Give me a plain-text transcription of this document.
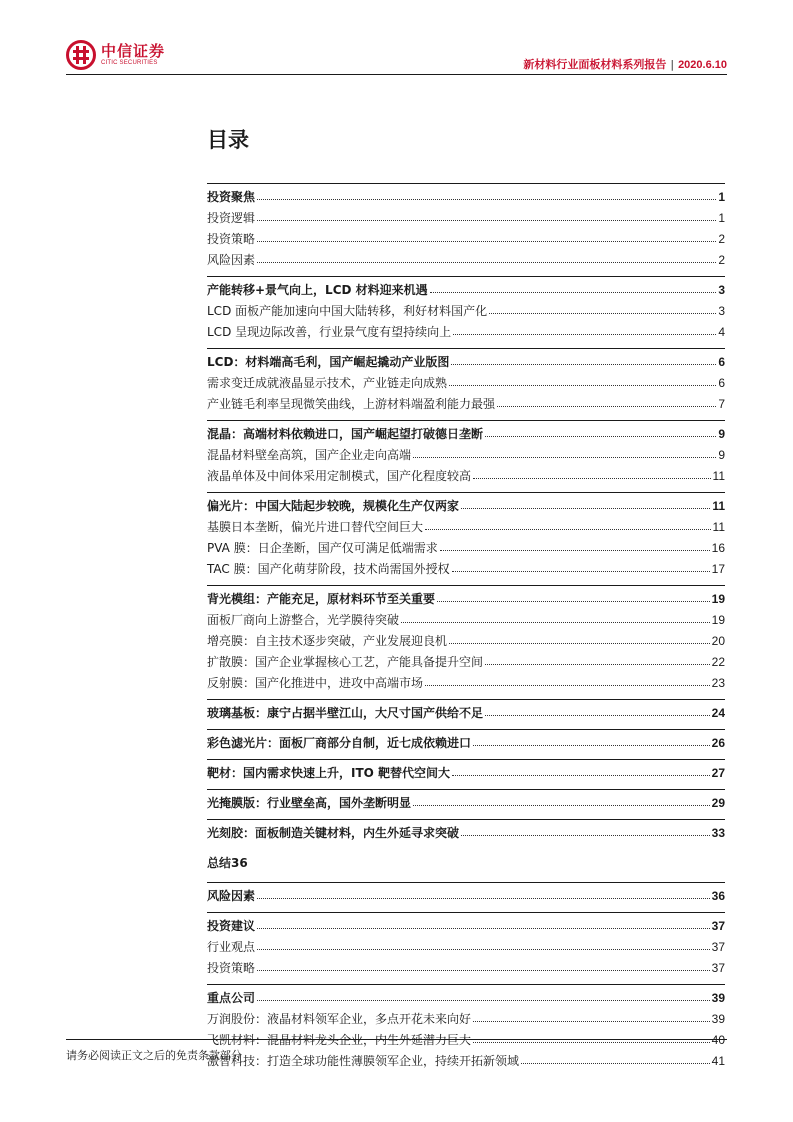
中信证券
CITIC SECURITIES	新材料行业面板材料系列报告 | 2020.6.10
目录
投资聚焦	1
投资逻辑	1
投资策略	2
风险因素	2
产能转移+景气向上，LCD 材料迎来机遇	3
LCD 面板产能加速向中国大陆转移，利好材料国产化	3
LCD 呈现边际改善，行业景气度有望持续向上	4
LCD：材料端高毛利，国产崛起撬动产业版图	6
需求变迁成就液晶显示技术，产业链走向成熟	6
产业链毛利率呈现微笑曲线，上游材料端盈利能力最强	7
混晶：高端材料依赖进口，国产崛起望打破德日垄断	9
混晶材料壁垒高筑，国产企业走向高端	9
液晶单体及中间体采用定制模式，国产化程度较高	11
偏光片：中国大陆起步较晚，规模化生产仅两家	11
基膜日本垄断，偏光片进口替代空间巨大	11
PVA 膜：日企垄断，国产仅可满足低端需求	16
TAC 膜：国产化萌芽阶段，技术尚需国外授权	17
背光模组：产能充足，原材料环节至关重要	19
面板厂商向上游整合，光学膜待突破	19
增亮膜：自主技术逐步突破，产业发展迎良机	20
扩散膜：国产企业掌握核心工艺，产能具备提升空间	22
反射膜：国产化推进中，进攻中高端市场	23
玻璃基板：康宁占据半壁江山，大尺寸国产供给不足	24
彩色滤光片：面板厂商部分自制，近七成依赖进口	26
靶材：国内需求快速上升，ITO 靶替代空间大	27
光掩膜版：行业壁垒高，国外垄断明显	29
光刻胶：面板制造关键材料，内生外延寻求突破	33
总结36
风险因素	36
投资建议	37
行业观点	37
投资策略	37
重点公司	39
万润股份：液晶材料领军企业，多点开花未来向好	39
飞凯材料：混晶材料龙头企业，内生外延潜力巨大	40
激智科技：打造全球功能性薄膜领军企业，持续开拓新领域	41
请务必阅读正文之后的免责条款部分
